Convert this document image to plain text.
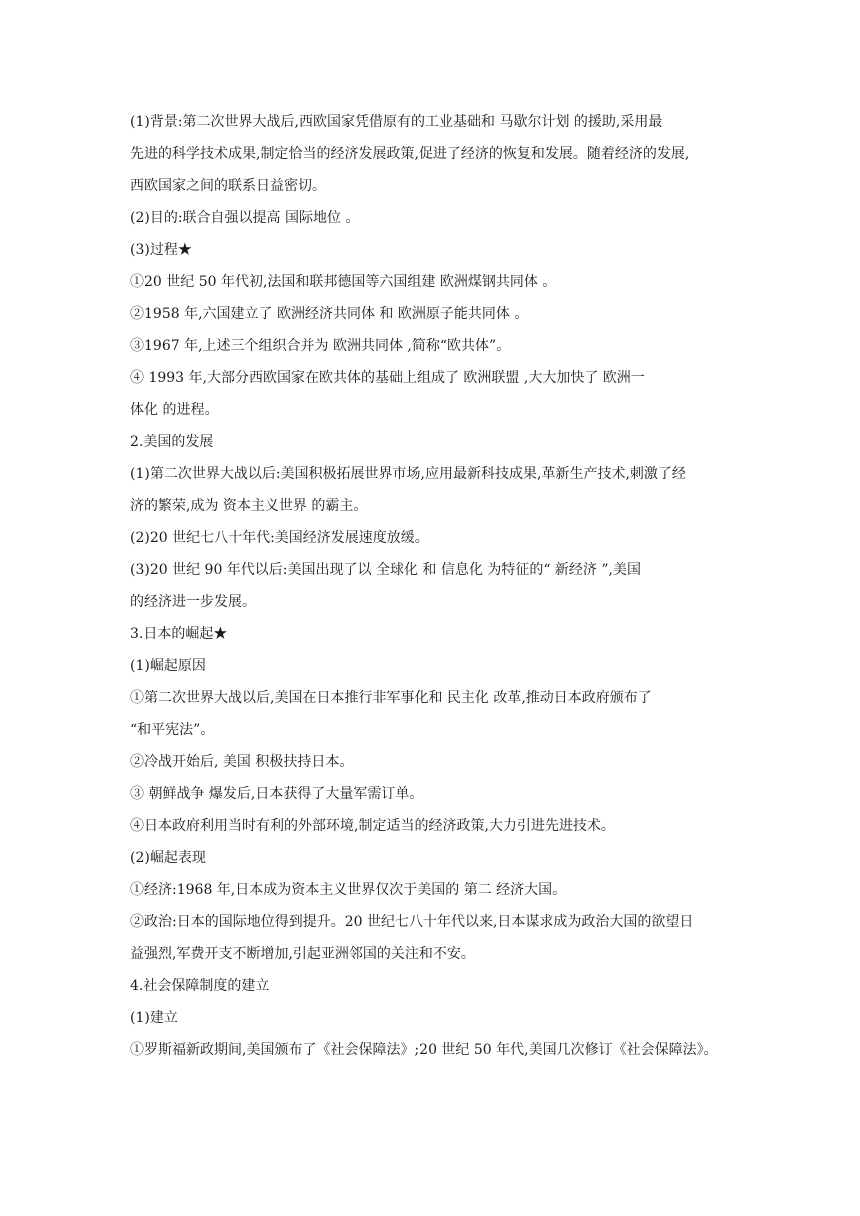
(1)背景:第二次世界大战后,西欧国家凭借原有的工业基础和 马歇尔计划 的援助,采用最
先进的科学技术成果,制定恰当的经济发展政策,促进了经济的恢复和发展。随着经济的发展,
西欧国家之间的联系日益密切。
(2)目的:联合自强以提高 国际地位 。
(3)过程★
①20 世纪 50 年代初,法国和联邦德国等六国组建 欧洲煤钢共同体 。
②1958 年,六国建立了 欧洲经济共同体 和 欧洲原子能共同体 。
③1967 年,上述三个组织合并为 欧洲共同体 ,简称“欧共体”。
④ 1993 年,大部分西欧国家在欧共体的基础上组成了 欧洲联盟 ,大大加快了 欧洲一
体化 的进程。
2.美国的发展
(1)第二次世界大战以后:美国积极拓展世界市场,应用最新科技成果,革新生产技术,刺激了经
济的繁荣,成为 资本主义世界 的霸主。
(2)20 世纪七八十年代:美国经济发展速度放缓。
(3)20 世纪 90 年代以后:美国出现了以 全球化 和 信息化 为特征的“ 新经济 ”,美国
的经济进一步发展。
3.日本的崛起★
(1)崛起原因
①第二次世界大战以后,美国在日本推行非军事化和 民主化 改革,推动日本政府颁布了
“和平宪法”。
②冷战开始后, 美国 积极扶持日本。
③ 朝鲜战争 爆发后,日本获得了大量军需订单。
④日本政府利用当时有利的外部环境,制定适当的经济政策,大力引进先进技术。
(2)崛起表现
①经济:1968 年,日本成为资本主义世界仅次于美国的 第二 经济大国。
②政治:日本的国际地位得到提升。20 世纪七八十年代以来,日本谋求成为政治大国的欲望日
益强烈,军费开支不断增加,引起亚洲邻国的关注和不安。
4.社会保障制度的建立
(1)建立
①罗斯福新政期间,美国颁布了《社会保障法》;20 世纪 50 年代,美国几次修订《社会保障法》。
